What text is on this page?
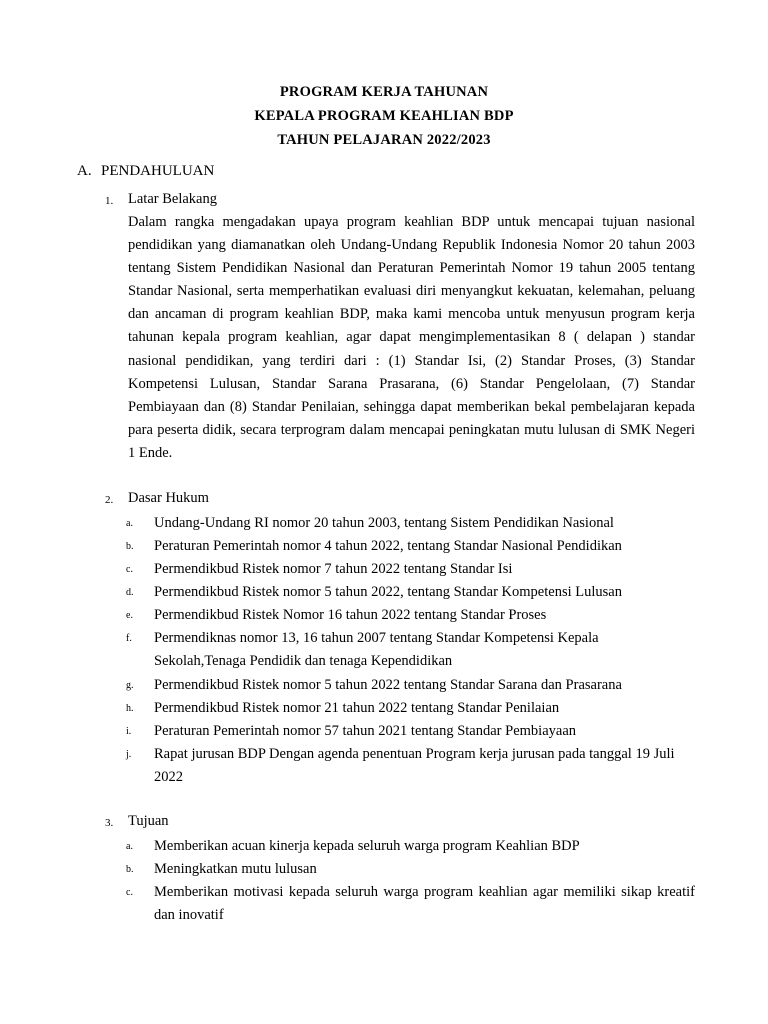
PROGRAM KERJA TAHUNAN
KEPALA PROGRAM KEAHLIAN BDP
TAHUN PELAJARAN 2022/2023
A. PENDAHULUAN
1. Latar Belakang
Dalam rangka mengadakan upaya program keahlian BDP untuk mencapai tujuan nasional pendidikan yang diamanatkan oleh Undang-Undang Republik Indonesia Nomor 20 tahun 2003 tentang Sistem Pendidikan Nasional dan Peraturan Pemerintah Nomor 19 tahun 2005 tentang Standar Nasional, serta memperhatikan evaluasi diri menyangkut kekuatan, kelemahan, peluang dan ancaman di program keahlian BDP, maka kami mencoba untuk menyusun program kerja tahunan kepala program keahlian, agar dapat mengimplementasikan 8 ( delapan ) standar nasional pendidikan, yang terdiri dari : (1) Standar Isi, (2) Standar Proses, (3) Standar Kompetensi Lulusan, Standar Sarana Prasarana, (6) Standar Pengelolaan, (7) Standar Pembiayaan dan (8) Standar Penilaian, sehingga dapat memberikan bekal pembelajaran kepada para peserta didik, secara terprogram dalam mencapai peningkatan mutu lulusan di SMK Negeri 1 Ende.
2. Dasar Hukum
a. Undang-Undang RI nomor 20 tahun 2003, tentang Sistem Pendidikan Nasional
b. Peraturan Pemerintah nomor 4 tahun 2022, tentang Standar Nasional Pendidikan
c. Permendikbud Ristek nomor 7 tahun 2022 tentang Standar Isi
d. Permendikbud Ristek nomor 5 tahun 2022, tentang Standar Kompetensi Lulusan
e. Permendikbud Ristek Nomor 16 tahun 2022 tentang Standar Proses
f. Permendiknas nomor 13, 16 tahun 2007 tentang Standar Kompetensi Kepala Sekolah,Tenaga Pendidik dan tenaga Kependidikan
g. Permendikbud Ristek nomor 5 tahun 2022 tentang Standar Sarana dan Prasarana
h. Permendikbud Ristek nomor 21 tahun 2022 tentang Standar Penilaian
i. Peraturan Pemerintah nomor 57 tahun 2021 tentang Standar Pembiayaan
j. Rapat jurusan BDP Dengan agenda penentuan Program kerja jurusan pada tanggal 19 Juli 2022
3. Tujuan
a. Memberikan acuan kinerja kepada seluruh warga program Keahlian BDP
b. Meningkatkan mutu lulusan
c. Memberikan motivasi kepada seluruh warga program keahlian agar memiliki sikap kreatif dan inovatif
